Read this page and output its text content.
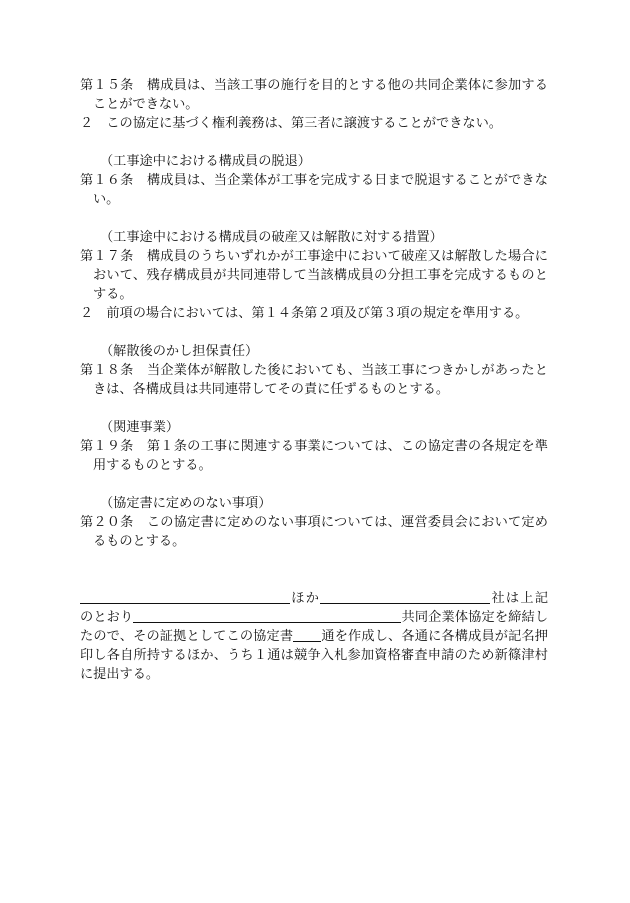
第１５条　構成員は、当該工事の施行を目的とする他の共同企業体に参加することができない。

２　この協定に基づく権利義務は、第三者に譲渡することができない。

（工事途中における構成員の脱退）

第１６条　構成員は、当企業体が工事を完成する日まで脱退することができない。

（工事途中における構成員の破産又は解散に対する措置）

第１７条　構成員のうちいずれかが工事途中において破産又は解散した場合において、残存構成員が共同連帯して当該構成員の分担工事を完成するものとする。

２　前項の場合においては、第１４条第２項及び第３項の規定を準用する。

（解散後のかし担保責任）

第１８条　当企業体が解散した後においても、当該工事につきかしがあったときは、各構成員は共同連帯してその責に任ずるものとする。

（関連事業）

第１９条　第１条の工事に関連する事業については、この協定書の各規定を準用するものとする。

（協定書に定めのない事項）

第２０条　この協定書に定めのない事項については、運営委員会において定めるものとする。

ほか	社は上記のとおり	共同企業体協定を締結したので、その証拠としてこの協定書 通を作成し、各通に各構成員が記名押印し各自所持するほか、うち１通は競争入札参加資格審査申請のため新篠津村に提出する。
